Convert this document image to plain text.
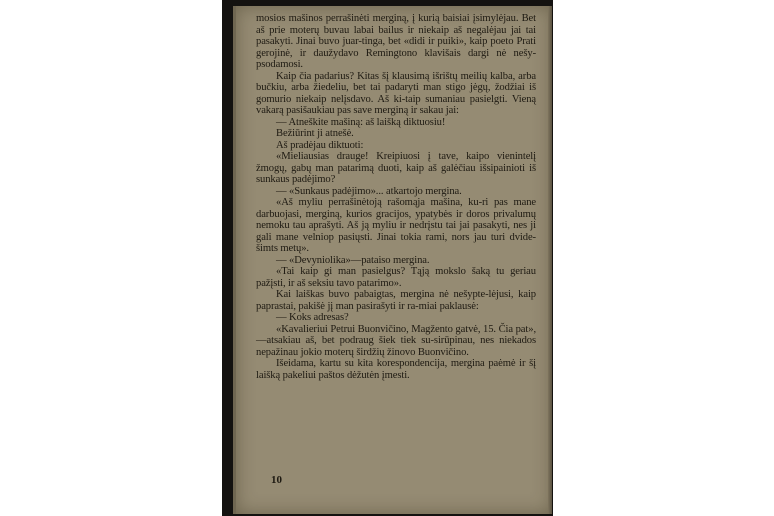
mosios mašinos perrašinėti merginą, į kurią baisiai įsimylėjau. Bet aš prie moterų buvau labai bailus ir niekaip aš negalėjau jai tai pasakyti. Jinai buvo juar-tinga, bet «didi ir puiki», kaip poeto Prati gerojinė, ir daužydavo Remingtono klavišais dargi nė nešy-psodamosi.

Kaip čia padarius? Kitas šį klausimą išrištų meilių kalba, arba bučkiu, arba žiedeliu, bet tai padaryti man stigo jėgų, žodžiai iš gomurio niekaip nelįsdavo. Aš ki-taip sumaniau pasielgti. Vieną vakarą pasišaukiau pas save merginą ir sakau jai:

— Atneškite mašiną: aš laišką diktuosiu!

Bežiūrint ji atnešė.

Aš pradėjau diktuoti:

«Mieliausias drauge! Kreipiuosi į tave, kaipo vienintelį žmogų, gabų man patarimą duoti, kaip aš galėčiau išsipainioti iš sunkaus padėjimo?

— «Sunkaus padėjimo»... atkartojo mergina.

«Aš myliu perrašinėtoją rašomąja mašina, ku-ri pas mane darbuojasi, merginą, kurios gracijos, ypatybės ir doros privalumų nemoku tau aprašyti. Aš ją myliu ir nedrįstu tai jai pasakyti, nes ji gali mane velniop pasiųsti. Jinai tokia rami, nors jau turi dvide-šimts metų».

— «Devyniolika»—pataiso mergina.

«Tai kaip gi man pasielgus? Tąją mokslo šaką tu geriau pažįsti, ir aš seksiu tavo patarimo».

Kai laiškas buvo pabaigtas, mergina nė nešypte-lėjusi, kaip paprastai, pakišė jį man pasirašyti ir ra-miai paklausė:

— Koks adresas?

«Kavalieriui Petrui Buonvičino, Magžento gatvė, 15. Čia pat»,—atsakiau aš, bet podraug šiek tiek su-sirūpinau, nes niekados nepažinau jokio moterų širdžių žinovo Buonvičino.

Išeidama, kartu su kita korespondencija, mergina paėmė ir šį laišką pakeliui paštos dėžutėn įmesti.

10
